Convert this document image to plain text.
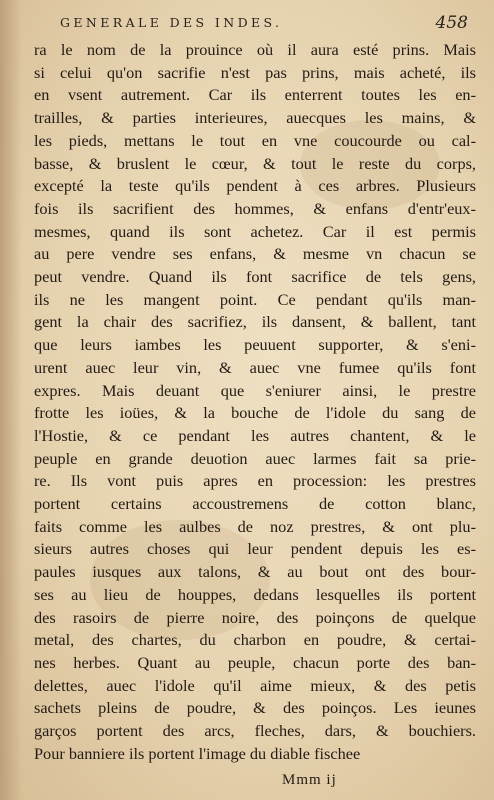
GENERALE DES INDES.	458
ra le nom de la prouince où il aura esté prins. Mais
si celui qu'on sacrifie n'est pas prins, mais acheté, ils
en vsent autrement. Car ils enterrent toutes les en-
trailles, & parties interieures, auecques les mains, &
les pieds, mettans le tout en vne coucourde ou cal-
basse, & bruslent le cœur, & tout le reste du corps,
excepté la teste qu'ils pendent à ces arbres. Plusieurs
fois ils sacrifient des hommes, & enfans d'entr'eux-
mesmes, quand ils sont achetez. Car il est permis
au pere vendre ses enfans, & mesme vn chacun se
peut vendre. Quand ils font sacrifice de tels gens,
ils ne les mangent point. Ce pendant qu'ils man-
gent la chair des sacrifiez, ils dansent, & ballent, tant
que leurs iambes les peuuent supporter, & s'eni-
urent auec leur vin, & auec vne fumee qu'ils font
expres. Mais deuant que s'eniurer ainsi, le prestre
frotte les ioües, & la bouche de l'idole du sang de
l'Hostie, & ce pendant les autres chantent, & le
peuple en grande deuotion auec larmes fait sa prie-
re. Ils vont puis apres en procession: les prestres
portent certains accoustremens de cotton blanc,
faits comme les aulbes de noz prestres, & ont plu-
sieurs autres choses qui leur pendent depuis les es-
paules iusques aux talons, & au bout ont des bour-
ses au lieu de houppes, dedans lesquelles ils portent
des rasoirs de pierre noire, des poinçons de quelque
metal, des chartes, du charbon en poudre, & certai-
nes herbes. Quant au peuple, chacun porte des ban-
delettes, auec l'idole qu'il aime mieux, & des petis
sachets pleins de poudre, & des poinços. Les ieunes
garços portent des arcs, fleches, dars, & bouchiers.
Pour banniere ils portent l'image du diable fischee
Mmm ij
